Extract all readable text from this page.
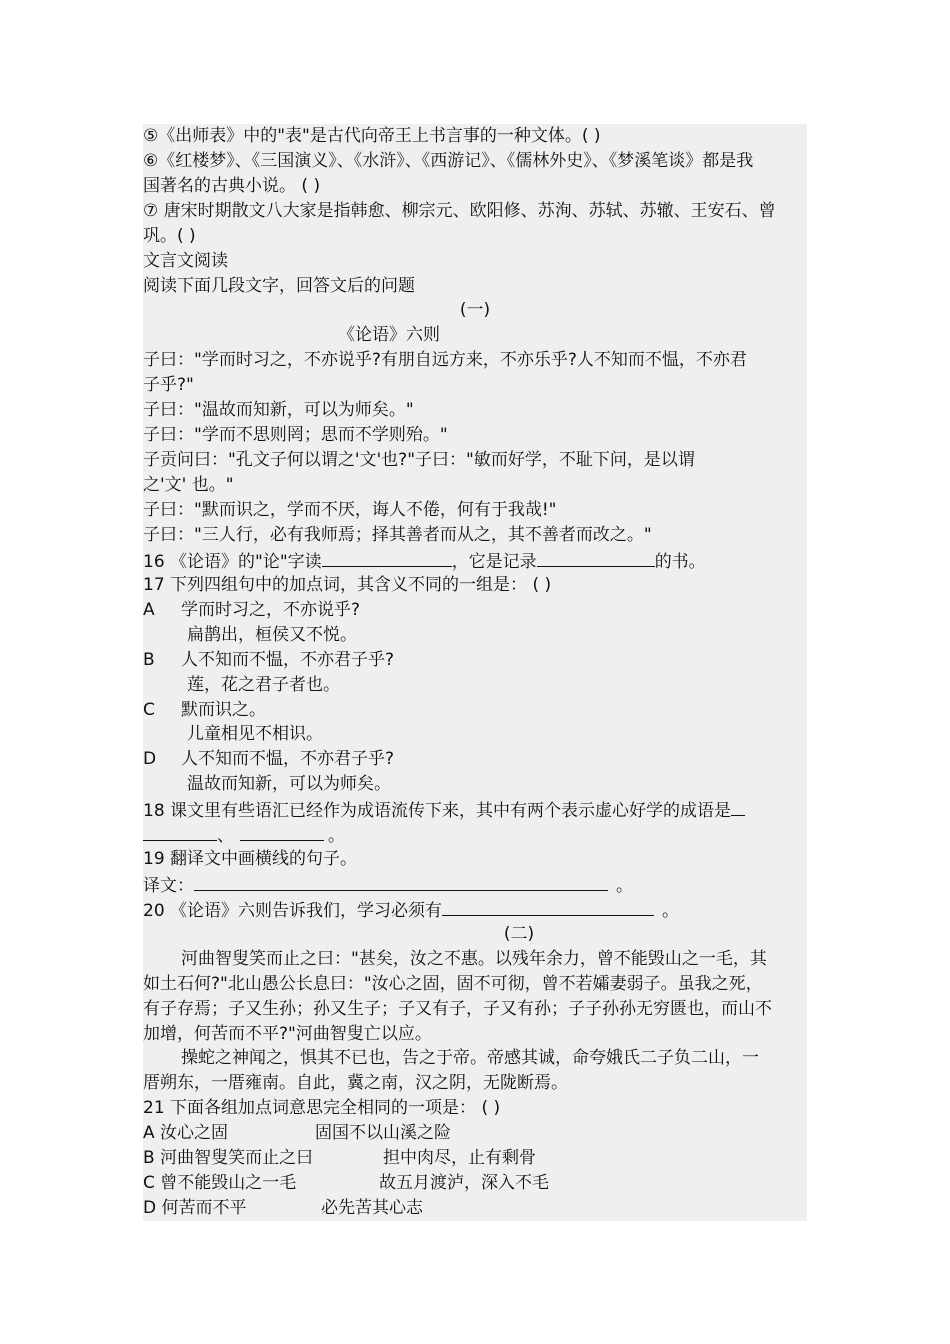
⑤《出师表》中的"表"是古代向帝王上书言事的一种文体。( )
⑥《红楼梦》、《三国演义》、《水浒》、《西游记》、《儒林外史》、《梦溪笔谈》都是我
国著名的古典小说。 ( )
⑦ 唐宋时期散文八大家是指韩愈、柳宗元、欧阳修、苏洵、苏轼、苏辙、王安石、曾
巩。( )
文言文阅读
阅读下面几段文字，回答文后的问题
(一)
《论语》六则
子曰："学而时习之，不亦说乎?有朋自远方来，不亦乐乎?人不知而不愠，不亦君
子乎?"
子曰："温故而知新，可以为师矣。"
子曰："学而不思则罔；思而不学则殆。"
子贡问曰："孔文子何以谓之'文'也?"子曰："敏而好学，不耻下问，是以谓
之'文' 也。"
子曰："默而识之，学而不厌，诲人不倦，何有于我哉!"
子曰："三人行，必有我师焉；择其善者而从之，其不善者而改之。"
16 《论语》的"论"字读	，它是记录	的书。
17 下列四组句中的加点词，其含义不同的一组是： ( )
A 学而时习之，不亦说乎?
扁鹊出，桓侯又不悦。
B 人不知而不愠，不亦君子乎?
莲，花之君子者也。
C 默而识之。
儿童相见不相识。
D 人不知而不愠，不亦君子乎?
温故而知新，可以为师矣。
18 课文里有些语汇已经作为成语流传下来，其中有两个表示虚心好学的成语是
、	。
19 翻译文中画横线的句子。
译文：	。
20 《论语》六则告诉我们，学习必须有	。
(二)
河曲智叟笑而止之曰："甚矣，汝之不惠。以残年余力，曾不能毁山之一毛，其
如土石何?"北山愚公长息曰："汝心之固，固不可彻，曾不若孀妻弱子。虽我之死，
有子存焉；子又生孙；孙又生子；子又有子，子又有孙；子子孙孙无穷匮也，而山不
加增，何苦而不平?"河曲智叟亡以应。
操蛇之神闻之，惧其不已也，告之于帝。帝感其诚，命夸娥氏二子负二山，一
厝朔东，一厝雍南。自此，冀之南，汉之阴，无陇断焉。
21 下面各组加点词意思完全相同的一项是： ( )
A 汝心之固	固国不以山溪之险
B 河曲智叟笑而止之曰	担中肉尽，止有剩骨
C 曾不能毁山之一毛	故五月渡泸，深入不毛
D 何苦而不平	必先苦其心志
